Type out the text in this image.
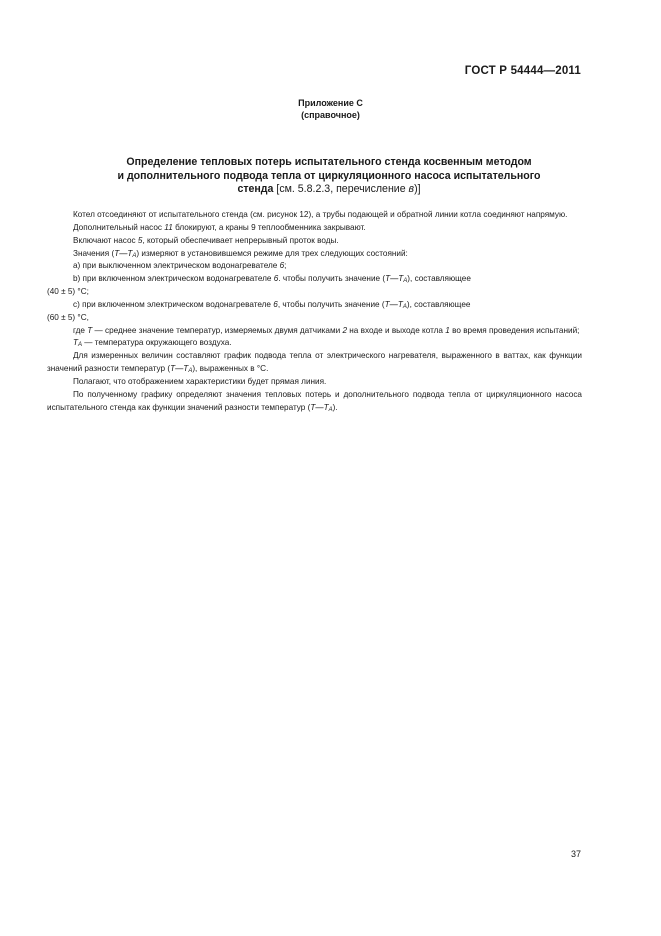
ГОСТ Р 54444—2011
Приложение С
(справочное)
Определение тепловых потерь испытательного стенда косвенным методом
и дополнительного подвода тепла от циркуляционного насоса испытательного
стенда [см. 5.8.2.3, перечисление в)]

Котел отсоединяют от испытательного стенда (см. рисунок 12), а трубы подающей и обратной линии котла соединяют напрямую.

Дополнительный насос 11 блокируют, а краны 9 теплообменника закрывают.

Включают насос 5, который обеспечивает непрерывный проток воды.

Значения $(T—T_A)$ измеряют в установившемся режиме для трех следующих состояний:

а) при выключенном электрическом водонагревателе 6;

b) при включенном электрическом водонагревателе 6. чтобы получить значение $(T—T_A)$, составляющее

(40 ± 5) °C;

с) при включенном электрическом водонагревателе 6, чтобы получить значение $(T—T_A)$, составляющее

(60 ± 5) °C,

где T — среднее значение температур, измеряемых двумя датчиками 2 на входе и выходе котла 1 во время проведения испытаний;

$T_A$ — температура окружающего воздуха.

Для измеренных величин составляют график подвода тепла от электрического нагревателя, выраженного в ваттах, как функции значений разности температур $(T—T_A)$, выраженных в °С.

Полагают, что отображением характеристики будет прямая линия.

По полученному графику определяют значения тепловых потерь и дополнительного подвода тепла от циркуляционного насоса испытательного стенда как функции значений разности температур $(T—T_A)$.

37
